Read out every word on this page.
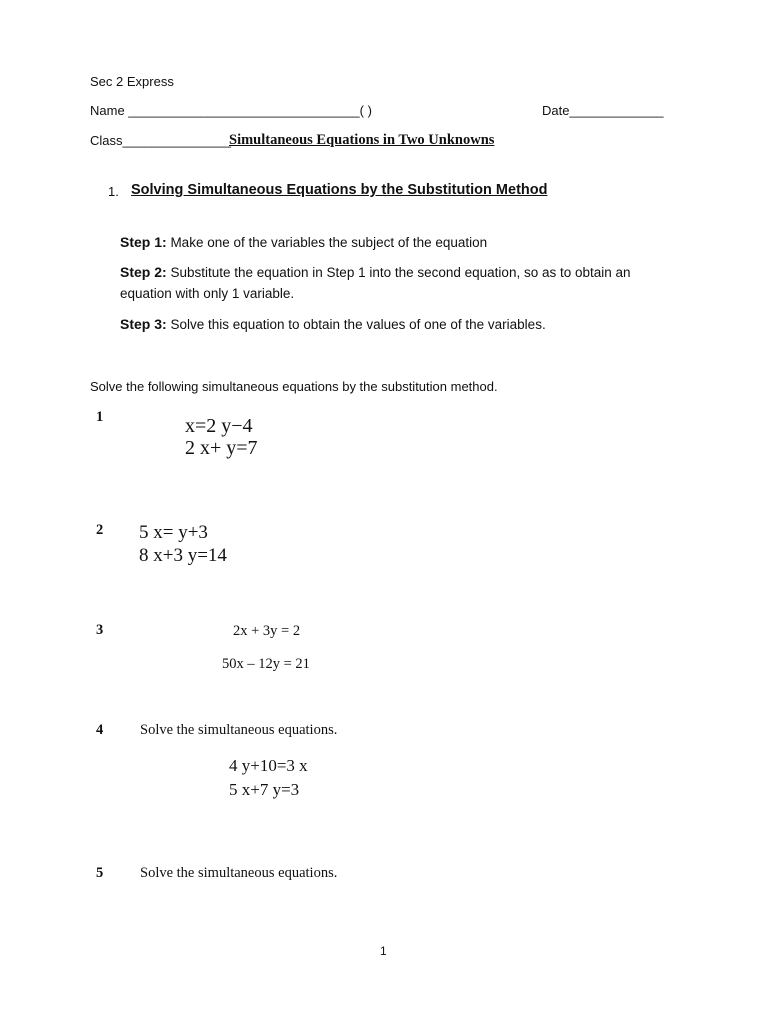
Sec 2 Express
Name ________________________________( )	Date_____________
Class_______________
Simultaneous Equations in Two Unknowns
1. Solving Simultaneous Equations by the Substitution Method
Step 1: Make one of the variables the subject of the equation
Step 2: Substitute the equation in Step 1 into the second equation, so as to obtain an equation with only 1 variable.
Step 3: Solve this equation to obtain the values of one of the variables.
Solve the following simultaneous equations by the substitution method.
1	x=2 y−4
2 x+ y=7
2 5 x= y+3
8 x+3 y=14
3	2x + 3y = 2
50x – 12y = 21
4	Solve the simultaneous equations.
4 y+10=3 x
5 x+7 y=3
5	Solve the simultaneous equations.
1
